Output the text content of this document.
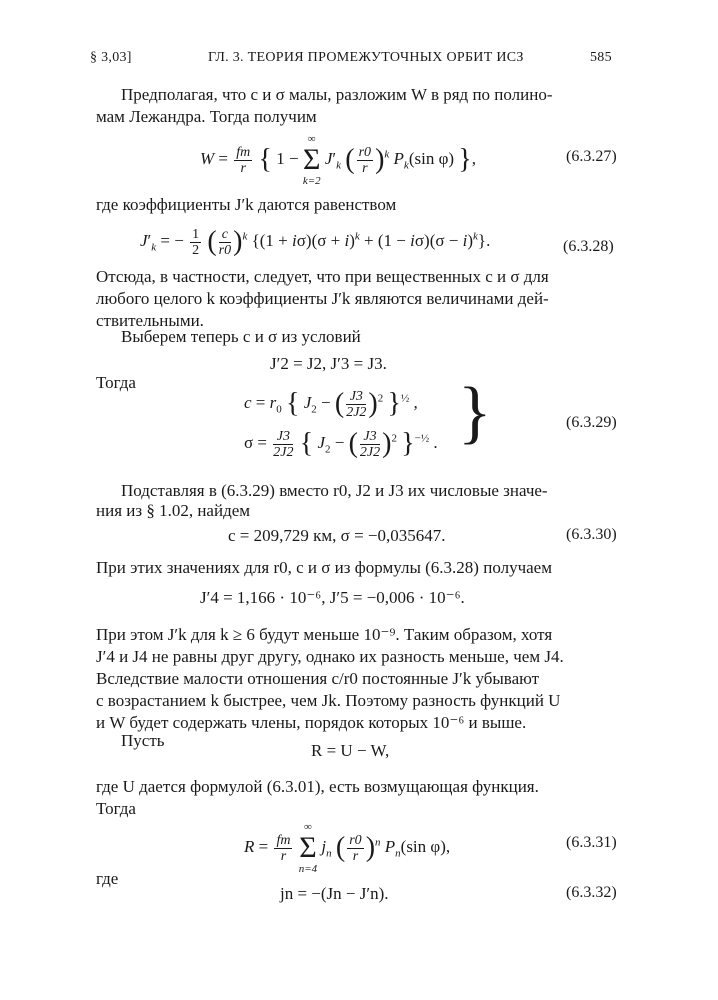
§ 3,03]	ГЛ. 3. ТЕОРИЯ ПРОМЕЖУТОЧНЫХ ОРБИТ ИСЗ	585
Предполагая, что c и σ малы, разложим W в ряд по полино-
мам Лежандра. Тогда получим
$W = \frac{fm}{r}$ { 1 −
∞
Σ
k=2
$J'_k$ ( $\frac{r0}{r} )^k$ $P_k(\sin$ φ) },	(6.3.27)
где коэффициенты J′k даются равенством
$J'_k$ = − $\frac{1}{2}$ ( $\frac{c}{r0} )^k$ $\{(1 + i\sigma)(\sigma + i)^k + (1 - i\sigma)(\sigma - i)^k\}$.	(6.3.28)
Отсюда, в частности, следует, что при вещественных c и σ для
любого целого k коэффициенты J′k являются величинами дей-
ствительными.
Выберем теперь c и σ из условий
J′2 = J2, J′3 = J3.
Тогда
$c = r_0$ { $J_2$ − ( $\frac{J3}{2J2} )^2$ }$^{\frac{1}{2}}$ ,
$\sigma = \frac{J3}{2J2}$ { $J_2$ − ( $\frac{J3}{2J2} )^2$ }$^{-\frac{1}{2}}$ . }	(6.3.29)
Подставляя в (6.3.29) вместо r0, J2 и J3 их числовые значе-
ния из § 1.02, найдем
c = 209,729 км, σ = −0,035647.	(6.3.30)
При этих значениях для r0, c и σ из формулы (6.3.28) получаем
J′4 = 1,166 · 10⁻⁶, J′5 = −0,006 · 10⁻⁶.
При этом J′k для k ≥ 6 будут меньше 10⁻⁹. Таким образом, хотя
J′4 и J4 не равны друг другу, однако их разность меньше, чем J4.
Вследствие малости отношения c/r0 постоянные J′k убывают
с возрастанием k быстрее, чем Jk. Поэтому разность функций U
и W будет содержать члены, порядок которых 10⁻⁶ и выше.
Пусть
R = U − W,
где U дается формулой (6.3.01), есть возмущающая функция.
Тогда
$R = \frac{fm}{r}$

∞
Σ
n=4
$j_n$ ( $\frac{r0}{r} )^n$ $P_n(\sin$ φ),	(6.3.31)
где
jn = −(Jn − J′n).	(6.3.32)
W = (fm/r) { 1 − Σ_{k=	J′k = −(1/2)(c/r0)^k {(1 + c = r0 { J2 − (J3/2J2)² }^½ σ = (J3/2J2) { J2 − (J3/2J2)² R = (fm/r) Σ_{n=4}^{∞}
